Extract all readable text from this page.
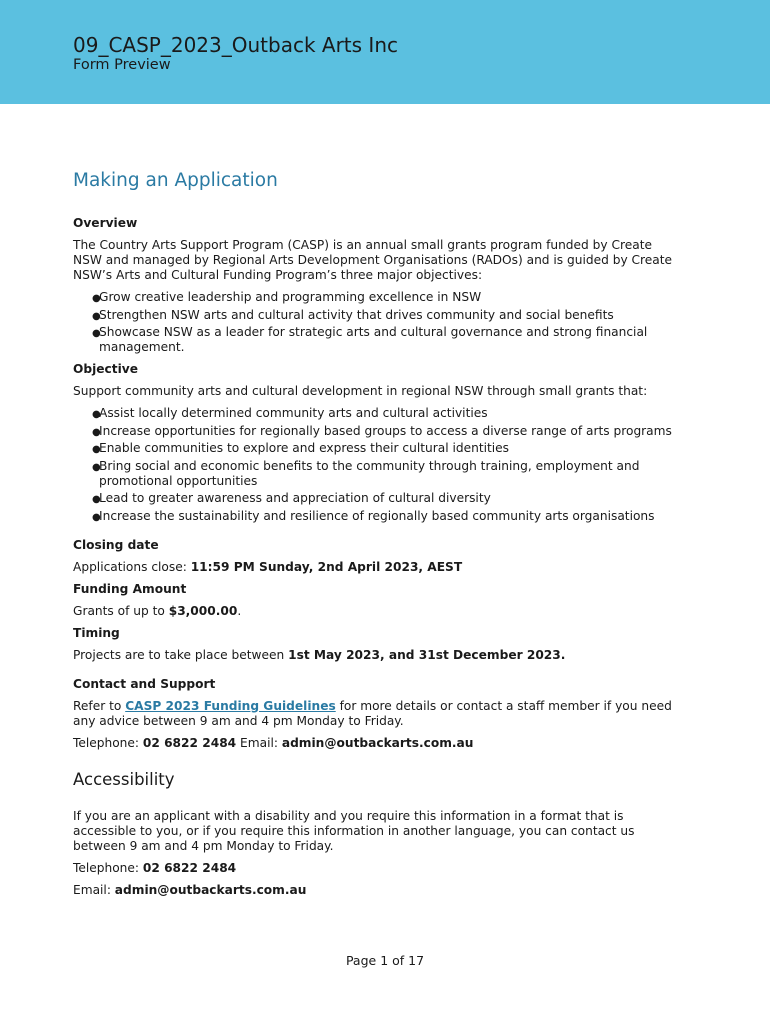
09_CASP_2023_Outback Arts Inc
Form Preview
Making an Application
Overview

The Country Arts Support Program (CASP) is an annual small grants program funded by Create NSW and managed by Regional Arts Development Organisations (RADOs) and is guided by Create NSW’s Arts and Cultural Funding Program’s three major objectives:

●
Grow creative leadership and programming excellence in NSW
●
Strengthen NSW arts and cultural activity that drives community and social benefits
●
Showcase NSW as a leader for strategic arts and cultural governance and strong financial management.
Objective

Support community arts and cultural development in regional NSW through small grants that:

●
Assist locally determined community arts and cultural activities
●
Increase opportunities for regionally based groups to access a diverse range of arts programs
●
Enable communities to explore and express their cultural identities
●
Bring social and economic benefits to the community through training, employment and promotional opportunities
●
Lead to greater awareness and appreciation of cultural diversity
●
Increase the sustainability and resilience of regionally based community arts organisations
Closing date

Applications close: 11:59 PM Sunday, 2nd April 2023, AEST

Funding Amount

Grants of up to $3,000.00.

Timing

Projects are to take place between 1st May 2023, and 31st December 2023.

Contact and Support

Refer to CASP 2023 Funding Guidelines for more details or contact a staff member if you need any advice between 9 am and 4 pm Monday to Friday.

Telephone: 02 6822 2484 Email: admin@outbackarts.com.au

Accessibility

If you are an applicant with a disability and you require this information in a format that is accessible to you, or if you require this information in another language, you can contact us between 9 am and 4 pm Monday to Friday.

Telephone: 02 6822 2484

Email: admin@outbackarts.com.au

Page 1 of 17
